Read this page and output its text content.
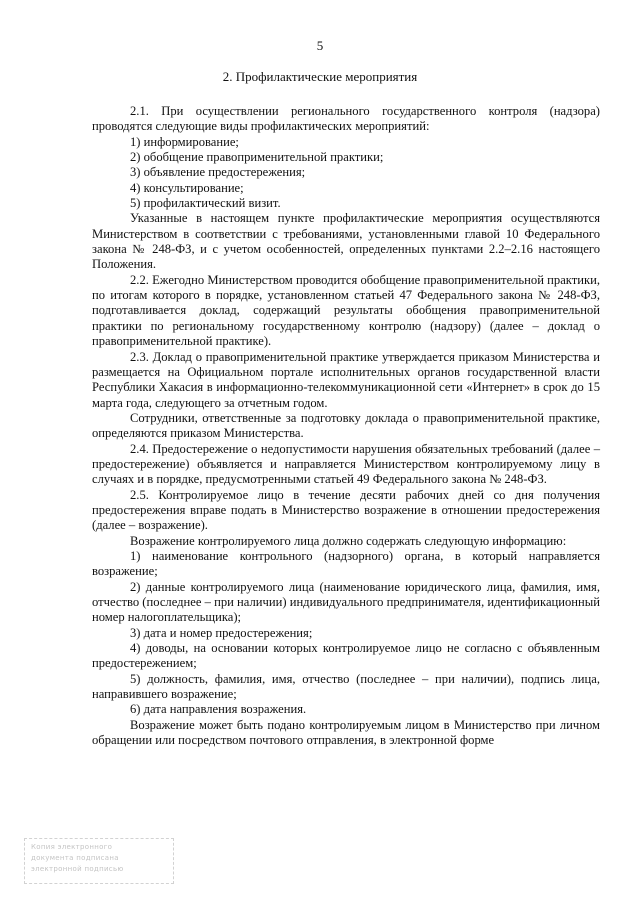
5
2. Профилактические мероприятия

2.1. При осуществлении регионального государственного контроля (надзора) проводятся следующие виды профилактических мероприятий:

1) информирование;

2) обобщение правоприменительной практики;

3) объявление предостережения;

4) консультирование;

5) профилактический визит.

Указанные в настоящем пункте профилактические мероприятия осуществляются Министерством в соответствии с требованиями, установленными главой 10 Федерального закона № 248-ФЗ, и с учетом особенностей, определенных пунктами 2.2–2.16 настоящего Положения.

2.2. Ежегодно Министерством проводится обобщение правоприменительной практики, по итогам которого в порядке, установленном статьей 47 Федерального закона № 248-ФЗ, подготавливается доклад, содержащий результаты обобщения правоприменительной практики по региональному государственному контролю (надзору) (далее – доклад о правоприменительной практике).

2.3. Доклад о правоприменительной практике утверждается приказом Министерства и размещается на Официальном портале исполнительных органов государственной власти Республики Хакасия в информационно-телекоммуникационной сети «Интернет» в срок до 15 марта года, следующего за отчетным годом.

Сотрудники, ответственные за подготовку доклада о правоприменительной практике, определяются приказом Министерства.

2.4. Предостережение о недопустимости нарушения обязательных требований (далее – предостережение) объявляется и направляется Министерством контролируемому лицу в случаях и в порядке, предусмотренными статьей 49 Федерального закона № 248-ФЗ.

2.5. Контролируемое лицо в течение десяти рабочих дней со дня получения предостережения вправе подать в Министерство возражение в отношении предостережения (далее – возражение).

Возражение контролируемого лица должно содержать следующую информацию:

1) наименование контрольного (надзорного) органа, в который направляется возражение;

2) данные контролируемого лица (наименование юридического лица, фамилия, имя, отчество (последнее – при наличии) индивидуального предпринимателя, идентификационный номер налогоплательщика);

3) дата и номер предостережения;

4) доводы, на основании которых контролируемое лицо не согласно с объявленным предостережением;

5) должность, фамилия, имя, отчество (последнее – при наличии), подпись лица, направившего возражение;

6) дата направления возражения.

Возражение может быть подано контролируемым лицом в Министерство при личном обращении или посредством почтового отправления, в электронной форме

Копия электронного
документа подписана
электронной подписью
